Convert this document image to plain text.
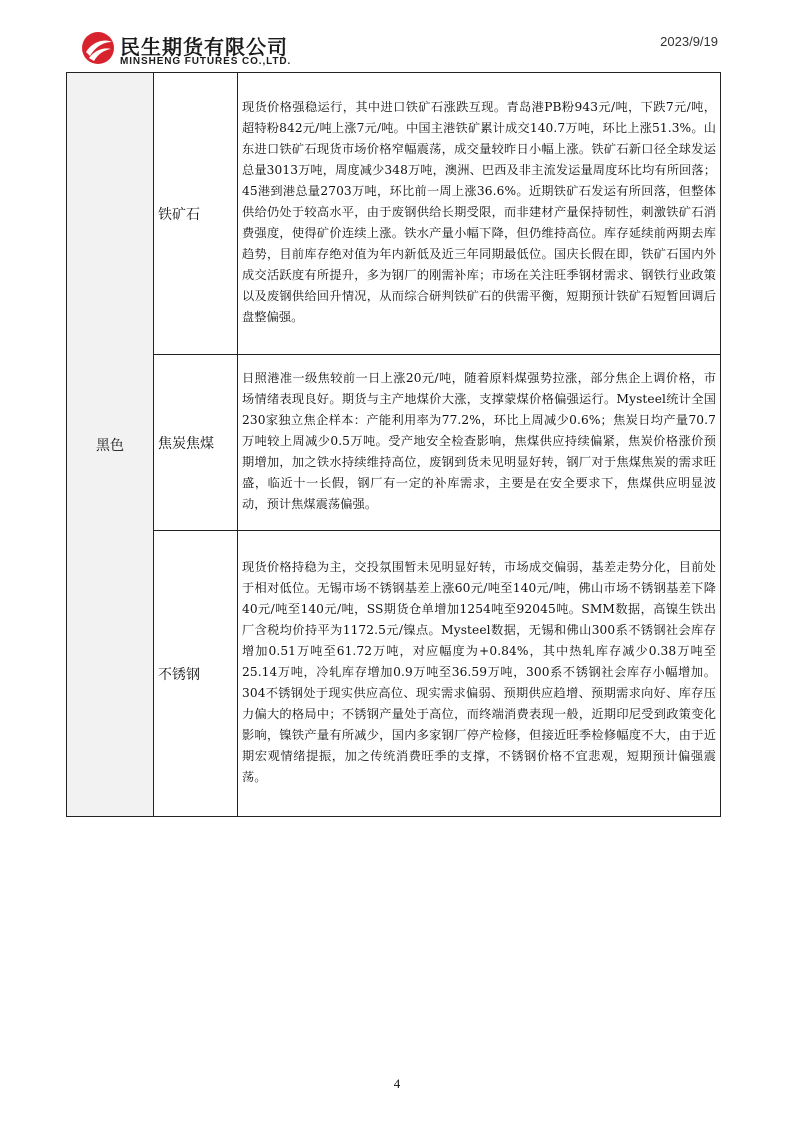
民生期货有限公司
MINSHENG FUTURES CO.,LTD.
2023/9/19
黑色	铁矿石	现货价格强稳运行，其中进口铁矿石涨跌互现。青岛港PB粉943元/吨，下跌7元/吨，超特粉842元/吨上涨7元/吨。中国主港铁矿累计成交140.7万吨，环比上涨51.3%。山东进口铁矿石现货市场价格窄幅震荡，成交量较昨日小幅上涨。铁矿石新口径全球发运总量3013万吨，周度减少348万吨，澳洲、巴西及非主流发运量周度环比均有所回落；45港到港总量2703万吨，环比前一周上涨36.6%。近期铁矿石发运有所回落，但整体供给仍处于较高水平，由于废钢供给长期受限，而非建材产量保持韧性，刺激铁矿石消费强度，使得矿价连续上涨。铁水产量小幅下降，但仍维持高位。库存延续前两期去库趋势，目前库存绝对值为年内新低及近三年同期最低位。国庆长假在即，铁矿石国内外成交活跃度有所提升，多为钢厂的刚需补库；市场在关注旺季钢材需求、钢铁行业政策以及废钢供给回升情况，从而综合研判铁矿石的供需平衡，短期预计铁矿石短暂回调后盘整偏强。
	焦炭焦煤	日照港准一级焦较前一日上涨20元/吨，随着原料煤强势拉涨，部分焦企上调价格，市场情绪表现良好。期货与主产地煤价大涨，支撑蒙煤价格偏强运行。Mysteel统计全国230家独立焦企样本：产能利用率为77.2%，环比上周减少0.6%；焦炭日均产量70.7万吨较上周减少0.5万吨。受产地安全检查影响，焦煤供应持续偏紧，焦炭价格涨价预期增加，加之铁水持续维持高位，废钢到货未见明显好转，钢厂对于焦煤焦炭的需求旺盛，临近十一长假，钢厂有一定的补库需求，主要是在安全要求下，焦煤供应明显波动，预计焦煤震荡偏强。
	不锈钢	现货价格持稳为主，交投氛围暂未见明显好转，市场成交偏弱，基差走势分化，目前处于相对低位。无锡市场不锈钢基差上涨60元/吨至140元/吨，佛山市场不锈钢基差下降40元/吨至140元/吨，SS期货仓单增加1254吨至92045吨。SMM数据，高镍生铁出厂含税均价持平为1172.5元/镍点。Mysteel数据，无锡和佛山300系不锈钢社会库存增加0.51万吨至61.72万吨，对应幅度为+0.84%，其中热轧库存减少0.38万吨至25.14万吨，冷轧库存增加0.9万吨至36.59万吨，300系不锈钢社会库存小幅增加。304不锈钢处于现实供应高位、现实需求偏弱、预期供应趋增、预期需求向好、库存压力偏大的格局中；不锈钢产量处于高位，而终端消费表现一般，近期印尼受到政策变化影响，镍铁产量有所减少，国内多家钢厂停产检修，但接近旺季检修幅度不大，由于近期宏观情绪提振，加之传统消费旺季的支撑，不锈钢价格不宜悲观，短期预计偏强震荡。
4
